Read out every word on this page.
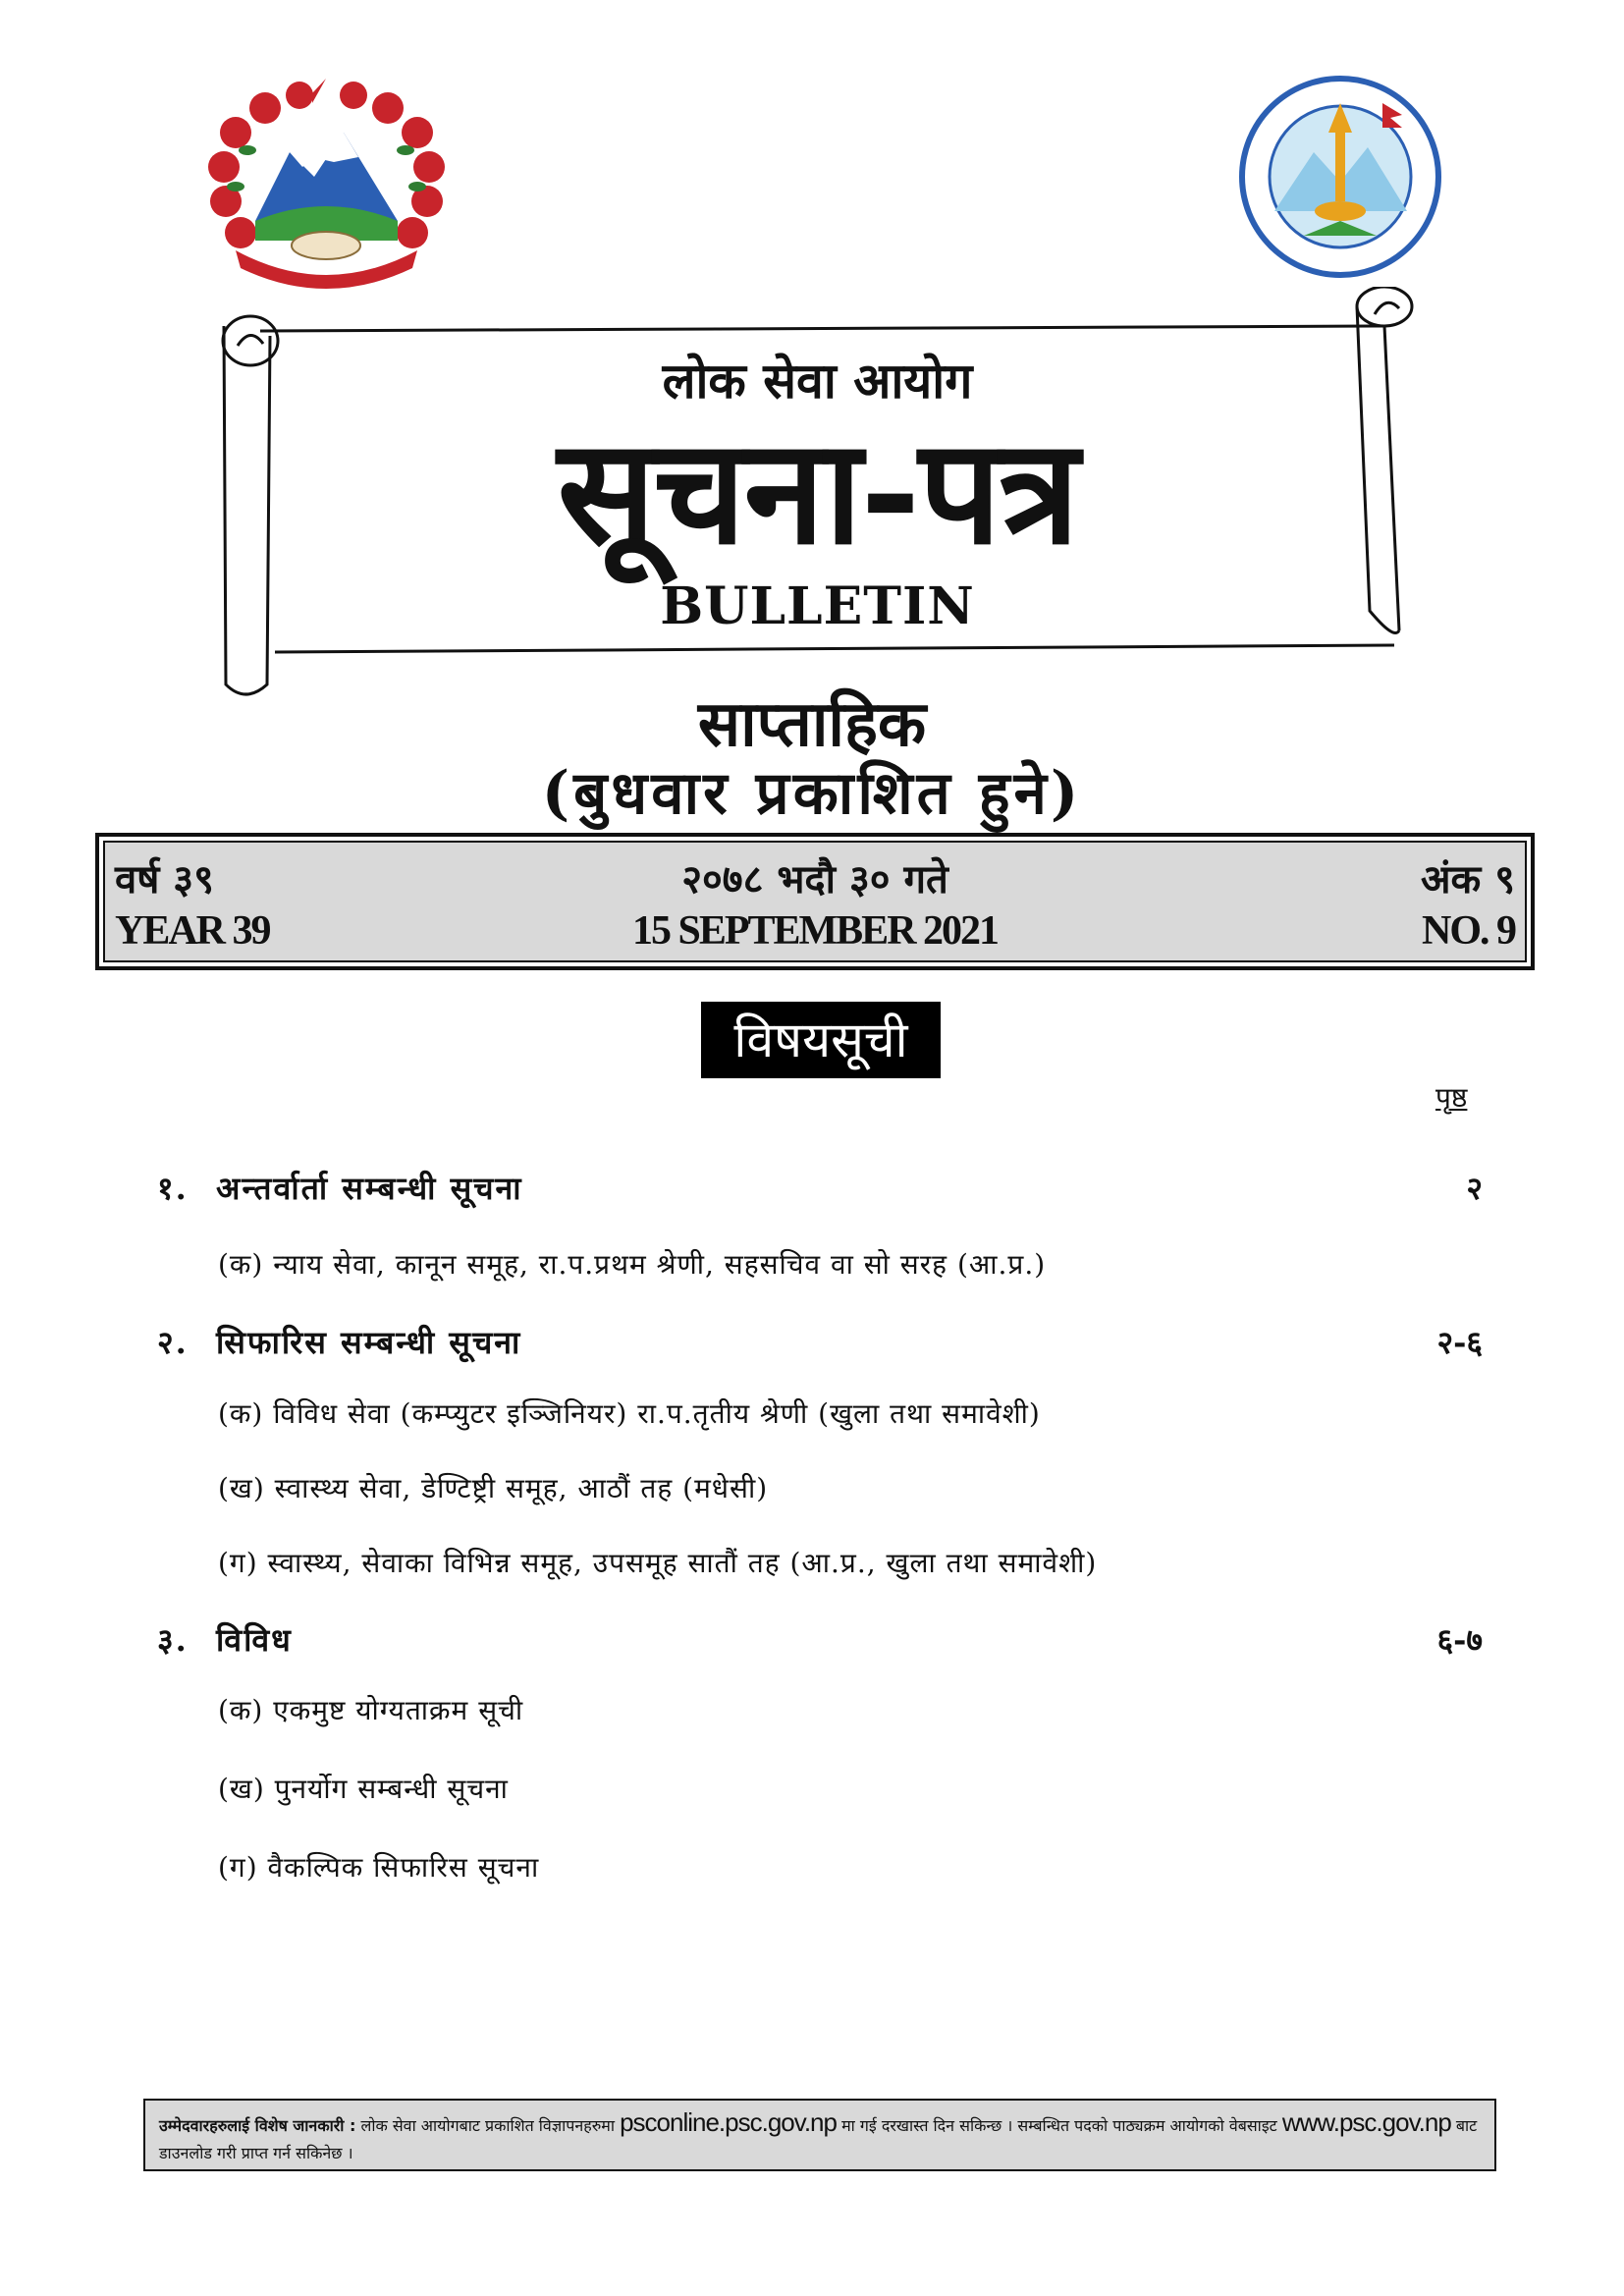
लोक सेवा आयोग
सूचना-पत्र
BULLETIN
साप्ताहिक
(बुधवार प्रकाशित हुने)
वर्ष ३९	२०७८ भदौ ३० गते	अंक ९
YEAR 39	15 SEPTEMBER 2021	NO. 9
विषयसूची
पृष्ठ
१. अन्तर्वार्ता सम्बन्धी सूचना	२
(क) न्याय सेवा, कानून समूह, रा.प.प्रथम श्रेणी, सहसचिव वा सो सरह (आ.प्र.)
२. सिफारिस सम्बन्धी सूचना	२-६
(क) विविध सेवा (कम्प्युटर इञ्जिनियर) रा.प.तृतीय श्रेणी (खुला तथा समावेशी)
(ख) स्वास्थ्य सेवा, डेण्टिष्ट्री समूह, आठौं तह (मधेसी)
(ग) स्वास्थ्य, सेवाका विभिन्न समूह, उपसमूह सातौं तह (आ.प्र., खुला तथा समावेशी)
३. विविध	६-७
(क) एकमुष्ट योग्यताक्रम सूची
(ख) पुनर्योग सम्बन्धी सूचना
(ग) वैकल्पिक सिफारिस सूचना
उम्मेदवारहरुलाई विशेष जानकारी : लोक सेवा आयोगबाट प्रकाशित विज्ञापनहरुमा psconline.psc.gov.np मा गई दरखास्त दिन सकिन्छ । सम्बन्धित पदको पाठ्यक्रम आयोगको वेबसाइट www.psc.gov.np बाट डाउनलोड गरी प्राप्त गर्न सकिनेछ ।
